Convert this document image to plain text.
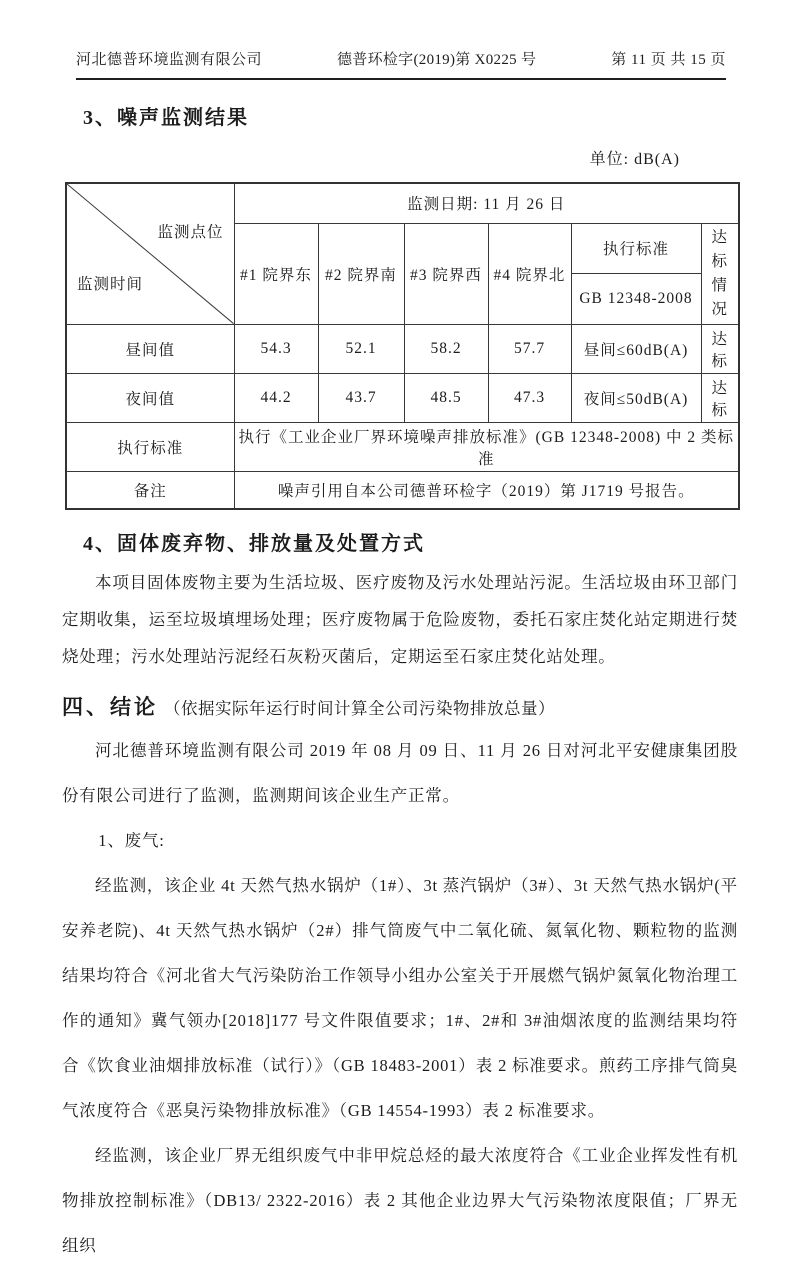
河北德普环境监测有限公司	德普环检字(2019)第 X0225 号	第 11 页 共 15 页
3、噪声监测结果
单位: dB(A)
监测点位
监测时间	监测日期: 11 月 26 日					
	#1 院界东	#2 院界南	#3 院界西	#4 院界北	执行标准	达标情况
					GB 12348-2008	
昼间值	54.3	52.1	58.2	57.7	昼间≤60dB(A)	达标
夜间值	44.2	43.7	48.5	47.3	夜间≤50dB(A)	达标
执行标准	执行《工业企业厂界环境噪声排放标准》(GB 12348-2008) 中 2 类标准					
备注	噪声引用自本公司德普环检字（2019）第 J1719 号报告。					
4、固体废弃物、排放量及处置方式

本项目固体废物主要为生活垃圾、医疗废物及污水处理站污泥。生活垃圾由环卫部门定期收集，运至垃圾填埋场处理；医疗废物属于危险废物，委托石家庄焚化站定期进行焚烧处理；污水处理站污泥经石灰粉灭菌后，定期运至石家庄焚化站处理。

四、结论 （依据实际年运行时间计算全公司污染物排放总量）

河北德普环境监测有限公司 2019 年 08 月 09 日、11 月 26 日对河北平安健康集团股份有限公司进行了监测，监测期间该企业生产正常。

1、废气:

经监测，该企业 4t 天然气热水锅炉（1#）、3t 蒸汽锅炉（3#）、3t 天然气热水锅炉(平安养老院)、4t 天然气热水锅炉（2#）排气筒废气中二氧化硫、氮氧化物、颗粒物的监测结果均符合《河北省大气污染防治工作领导小组办公室关于开展燃气锅炉氮氧化物治理工作的通知》冀气领办[2018]177 号文件限值要求；1#、2#和 3#油烟浓度的监测结果均符合《饮食业油烟排放标准（试行）》（GB 18483-2001）表 2 标准要求。煎药工序排气筒臭气浓度符合《恶臭污染物排放标准》（GB 14554-1993）表 2 标准要求。

经监测，该企业厂界无组织废气中非甲烷总烃的最大浓度符合《工业企业挥发性有机物排放控制标准》（DB13/ 2322-2016）表 2 其他企业边界大气污染物浓度限值；厂界无组织
